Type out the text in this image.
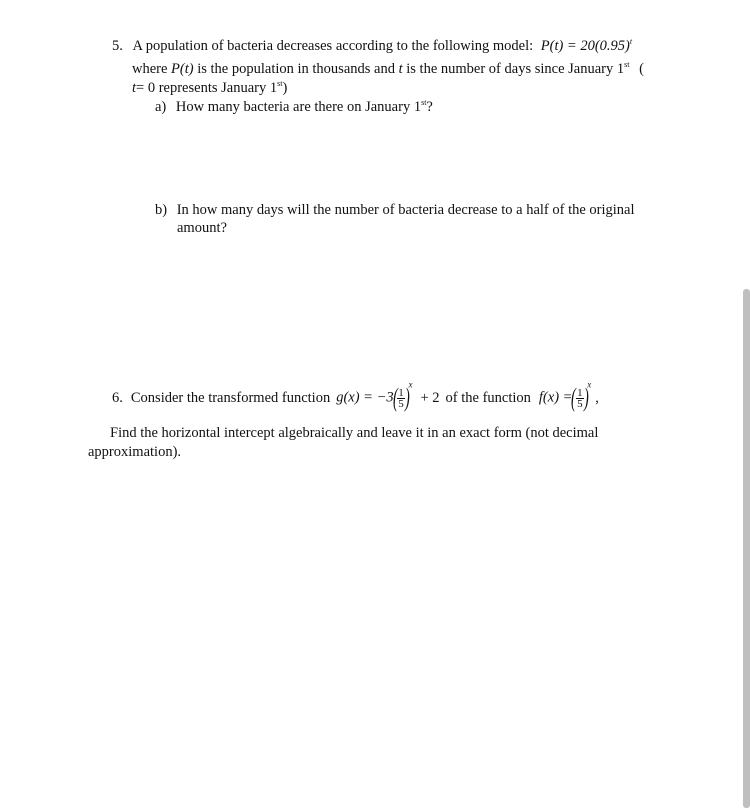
5. A population of bacteria decreases according to the following model: $P(t) = 20(0.95)^t$
where P(t) is the population in thousands and t is the number of days since January 1st (
t= 0 represents January 1st)
a) How many bacteria are there on January 1st?
b) In how many days will the number of bacteria decrease to a half of the original
amount?
6. Consider the transformed function $g(x) = -3( \frac{1}{5} )^x$
+ 2 of the function f(x) =( $\frac{1}{5} )^x$
,
Find the horizontal intercept algebraically and leave it in an exact form (not decimal
approximation).
